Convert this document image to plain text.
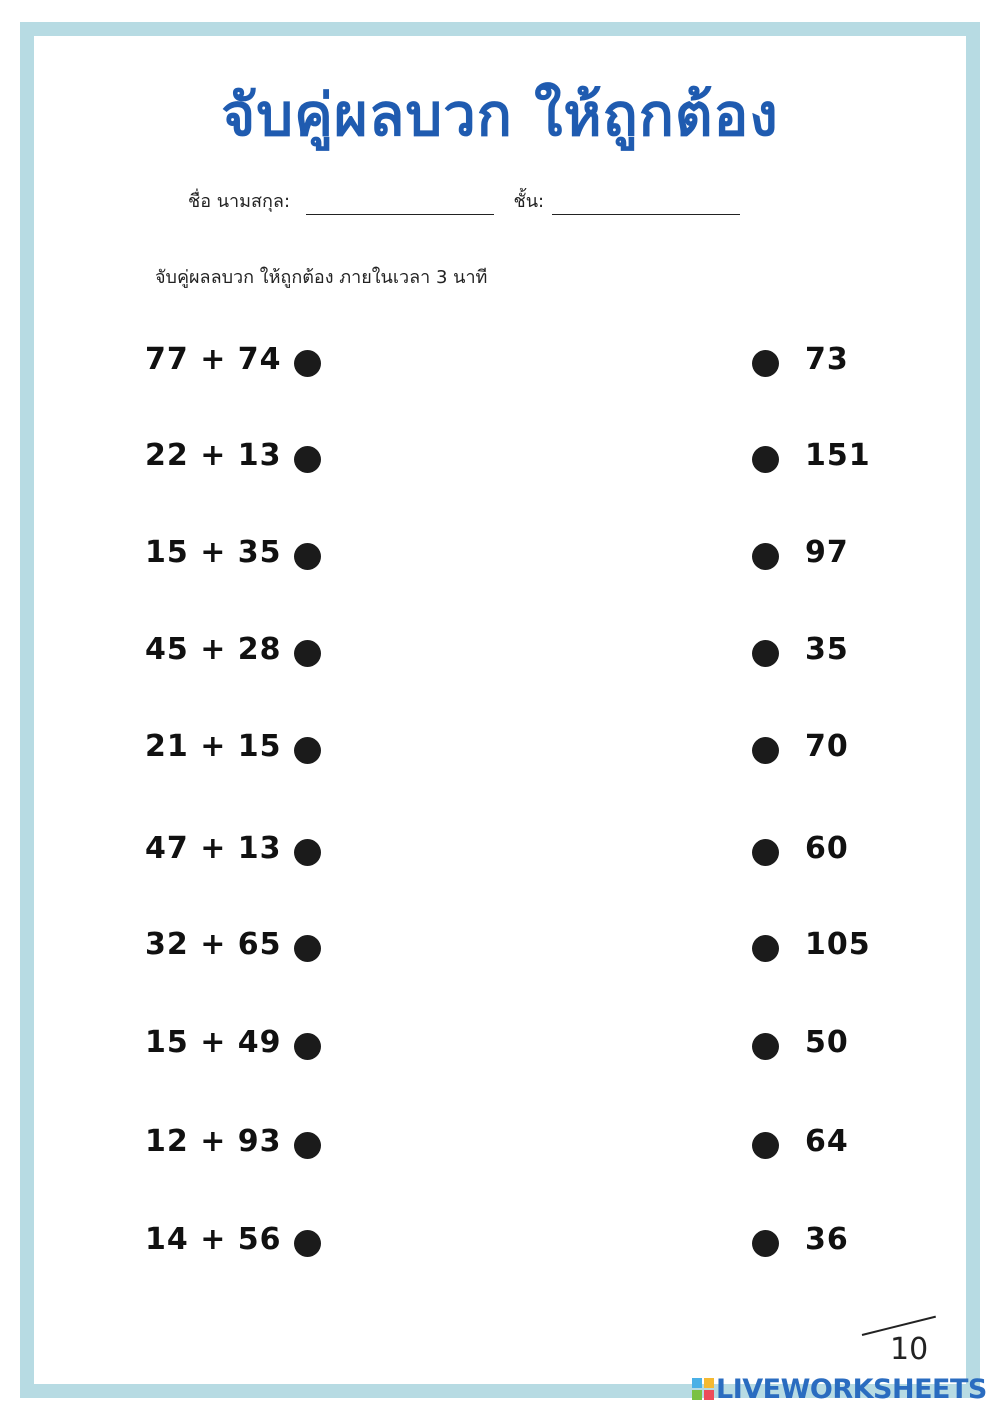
จับคู่ผลบวก ให้ถูกต้อง
ชื่อ นามสกุล:	ชั้น:
จับคู่ผลลบวก ให้ถูกต้อง ภายในเวลา 3 นาที
77 + 74	73
22 + 13	151
15 + 35	97
45 + 28	35
21 + 15	70
47 + 13	60
32 + 65	105
15 + 49	50
12 + 93	64
14 + 56	36
10
LIVEWORKSHEETS
